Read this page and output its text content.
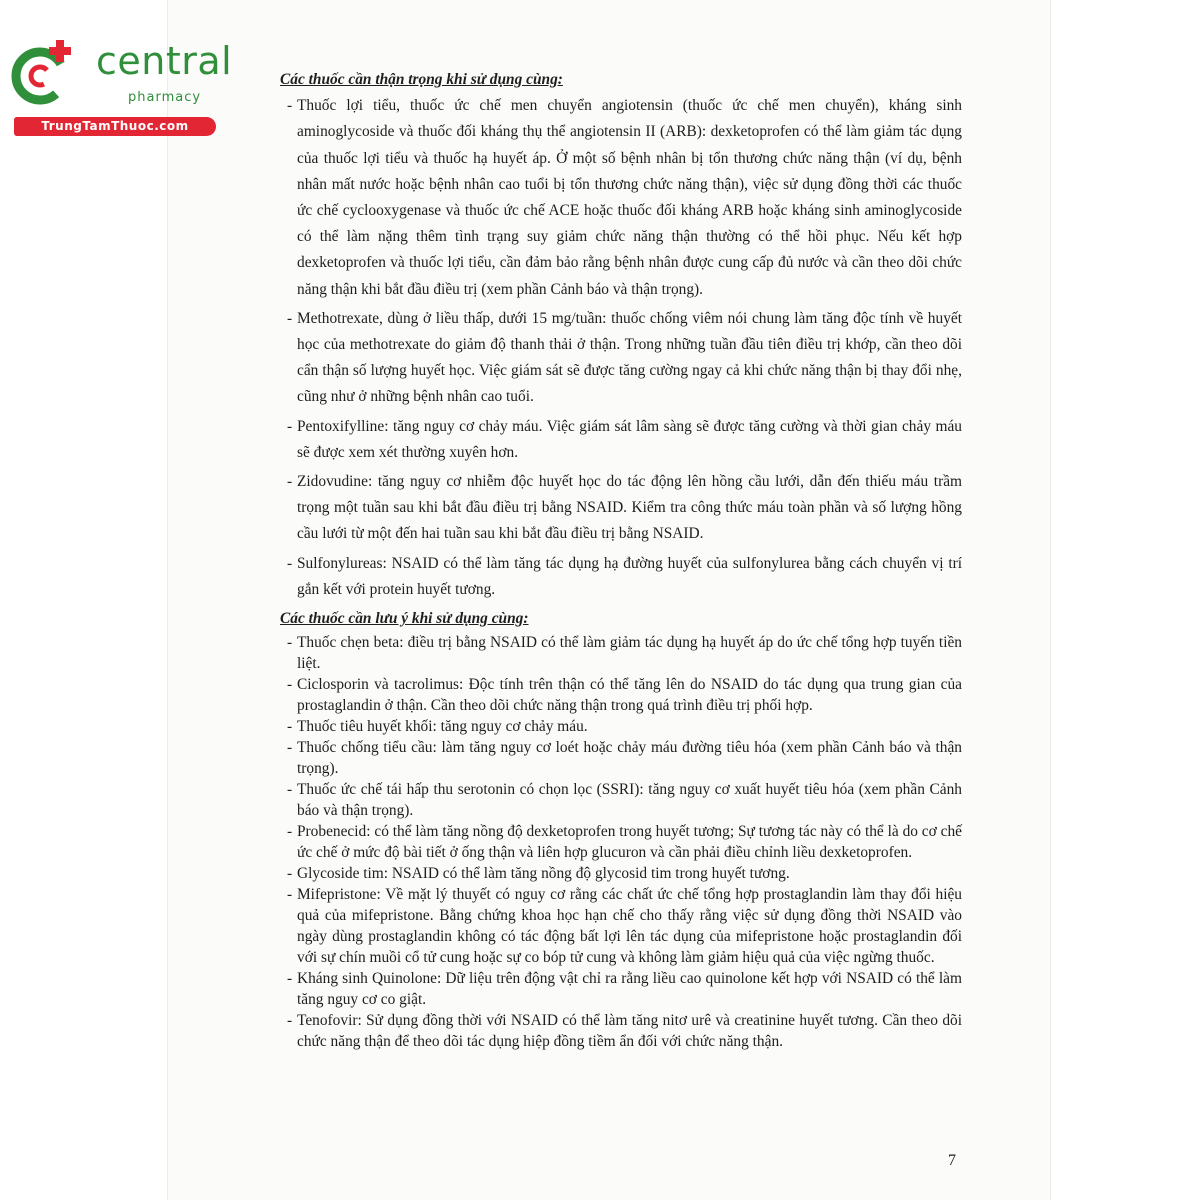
central
pharmacy
TrungTamThuoc.com

Các thuốc cần thận trọng khi sử dụng cùng:

- Thuốc lợi tiểu, thuốc ức chế men chuyển angiotensin (thuốc ức chế men chuyển), kháng sinh aminoglycoside và thuốc đối kháng thụ thể angiotensin II (ARB): dexketoprofen có thể làm giảm tác dụng của thuốc lợi tiểu và thuốc hạ huyết áp. Ở một số bệnh nhân bị tổn thương chức năng thận (ví dụ, bệnh nhân mất nước hoặc bệnh nhân cao tuổi bị tổn thương chức năng thận), việc sử dụng đồng thời các thuốc ức chế cyclooxygenase và thuốc ức chế ACE hoặc thuốc đối kháng ARB hoặc kháng sinh aminoglycoside có thể làm nặng thêm tình trạng suy giảm chức năng thận thường có thể hồi phục. Nếu kết hợp dexketoprofen và thuốc lợi tiểu, cần đảm bảo rằng bệnh nhân được cung cấp đủ nước và cần theo dõi chức năng thận khi bắt đầu điều trị (xem phần Cảnh báo và thận trọng).
- Methotrexate, dùng ở liều thấp, dưới 15 mg/tuần: thuốc chống viêm nói chung làm tăng độc tính về huyết học của methotrexate do giảm độ thanh thải ở thận. Trong những tuần đầu tiên điều trị khớp, cần theo dõi cẩn thận số lượng huyết học. Việc giám sát sẽ được tăng cường ngay cả khi chức năng thận bị thay đổi nhẹ, cũng như ở những bệnh nhân cao tuổi.
- Pentoxifylline: tăng nguy cơ chảy máu. Việc giám sát lâm sàng sẽ được tăng cường và thời gian chảy máu sẽ được xem xét thường xuyên hơn.
- Zidovudine: tăng nguy cơ nhiễm độc huyết học do tác động lên hồng cầu lưới, dẫn đến thiếu máu trầm trọng một tuần sau khi bắt đầu điều trị bằng NSAID. Kiểm tra công thức máu toàn phần và số lượng hồng cầu lưới từ một đến hai tuần sau khi bắt đầu điều trị bằng NSAID.
- Sulfonylureas: NSAID có thể làm tăng tác dụng hạ đường huyết của sulfonylurea bằng cách chuyển vị trí gắn kết với protein huyết tương.

Các thuốc cần lưu ý khi sử dụng cùng:

- Thuốc chẹn beta: điều trị bằng NSAID có thể làm giảm tác dụng hạ huyết áp do ức chế tổng hợp tuyến tiền liệt.
- Ciclosporin và tacrolimus: Độc tính trên thận có thể tăng lên do NSAID do tác dụng qua trung gian của prostaglandin ở thận. Cần theo dõi chức năng thận trong quá trình điều trị phối hợp.
- Thuốc tiêu huyết khối: tăng nguy cơ chảy máu.
- Thuốc chống tiểu cầu: làm tăng nguy cơ loét hoặc chảy máu đường tiêu hóa (xem phần Cảnh báo và thận trọng).
- Thuốc ức chế tái hấp thu serotonin có chọn lọc (SSRI): tăng nguy cơ xuất huyết tiêu hóa (xem phần Cảnh báo và thận trọng).
- Probenecid: có thể làm tăng nồng độ dexketoprofen trong huyết tương; Sự tương tác này có thể là do cơ chế ức chế ở mức độ bài tiết ở ống thận và liên hợp glucuron và cần phải điều chỉnh liều dexketoprofen.
- Glycoside tim: NSAID có thể làm tăng nồng độ glycosid tim trong huyết tương.
- Mifepristone: Về mặt lý thuyết có nguy cơ rằng các chất ức chế tổng hợp prostaglandin làm thay đổi hiệu quả của mifepristone. Bằng chứng khoa học hạn chế cho thấy rằng việc sử dụng đồng thời NSAID vào ngày dùng prostaglandin không có tác động bất lợi lên tác dụng của mifepristone hoặc prostaglandin đối với sự chín muồi cổ tử cung hoặc sự co bóp tử cung và không làm giảm hiệu quả của việc ngừng thuốc.
- Kháng sinh Quinolone: Dữ liệu trên động vật chỉ ra rằng liều cao quinolone kết hợp với NSAID có thể làm tăng nguy cơ co giật.
- Tenofovir: Sử dụng đồng thời với NSAID có thể làm tăng nitơ urê và creatinine huyết tương. Cần theo dõi chức năng thận để theo dõi tác dụng hiệp đồng tiềm ẩn đối với chức năng thận.
7
